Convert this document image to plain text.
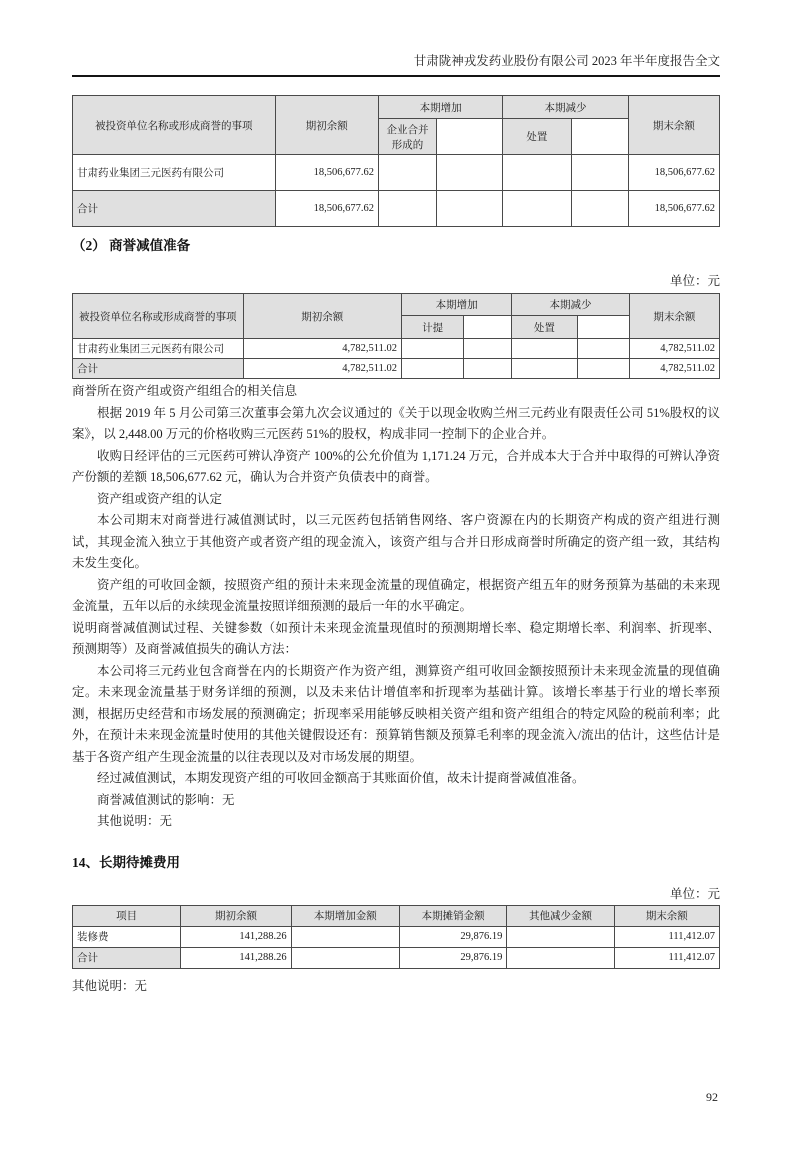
甘肃陇神戎发药业股份有限公司 2023 年半年度报告全文
被投资单位名称或形成商誉的事项	期初余额	本期增加		本期减少		期末余额
		企业合并形成的		处置		
甘肃药业集团三元医药有限公司	18,506,677.62					18,506,677.62
合计	18,506,677.62					18,506,677.62
（2） 商誉减值准备
单位：元
被投资单位名称或形成商誉的事项	期初余额	本期增加		本期减少		期末余额
		计提		处置		
甘肃药业集团三元医药有限公司	4,782,511.02					4,782,511.02
合计	4,782,511.02					4,782,511.02

商誉所在资产组或资产组组合的相关信息

根据 2019 年 5 月公司第三次董事会第九次会议通过的《关于以现金收购兰州三元药业有限责任公司 51%股权的议案》，以 2,448.00 万元的价格收购三元医药 51%的股权，构成非同一控制下的企业合并。

收购日经评估的三元医药可辨认净资产 100%的公允价值为 1,171.24 万元，合并成本大于合并中取得的可辨认净资产份额的差额 18,506,677.62 元，确认为合并资产负债表中的商誉。

资产组或资产组的认定

本公司期末对商誉进行减值测试时，以三元医药包括销售网络、客户资源在内的长期资产构成的资产组进行测试，其现金流入独立于其他资产或者资产组的现金流入，该资产组与合并日形成商誉时所确定的资产组一致，其结构未发生变化。

资产组的可收回金额，按照资产组的预计未来现金流量的现值确定，根据资产组五年的财务预算为基础的未来现金流量，五年以后的永续现金流量按照详细预测的最后一年的水平确定。

说明商誉减值测试过程、关键参数（如预计未来现金流量现值时的预测期增长率、稳定期增长率、利润率、折现率、预测期等）及商誉减值损失的确认方法：

本公司将三元药业包含商誉在内的长期资产作为资产组，测算资产组可收回金额按照预计未来现金流量的现值确定。未来现金流量基于财务详细的预测，以及未来估计增值率和折现率为基础计算。该增长率基于行业的增长率预测，根据历史经营和市场发展的预测确定；折现率采用能够反映相关资产组和资产组组合的特定风险的税前利率；此外，在预计未来现金流量时使用的其他关键假设还有：预算销售额及预算毛利率的现金流入/流出的估计，这些估计是基于各资产组产生现金流量的以往表现以及对市场发展的期望。

经过减值测试，本期发现资产组的可收回金额高于其账面价值，故未计提商誉减值准备。

商誉减值测试的影响：无

其他说明：无

14、长期待摊费用
单位：元
项目	期初余额	本期增加金额	本期摊销金额	其他减少金额	期末余额
装修费	141,288.26		29,876.19		111,412.07
合计	141,288.26		29,876.19		111,412.07
其他说明：无
92
